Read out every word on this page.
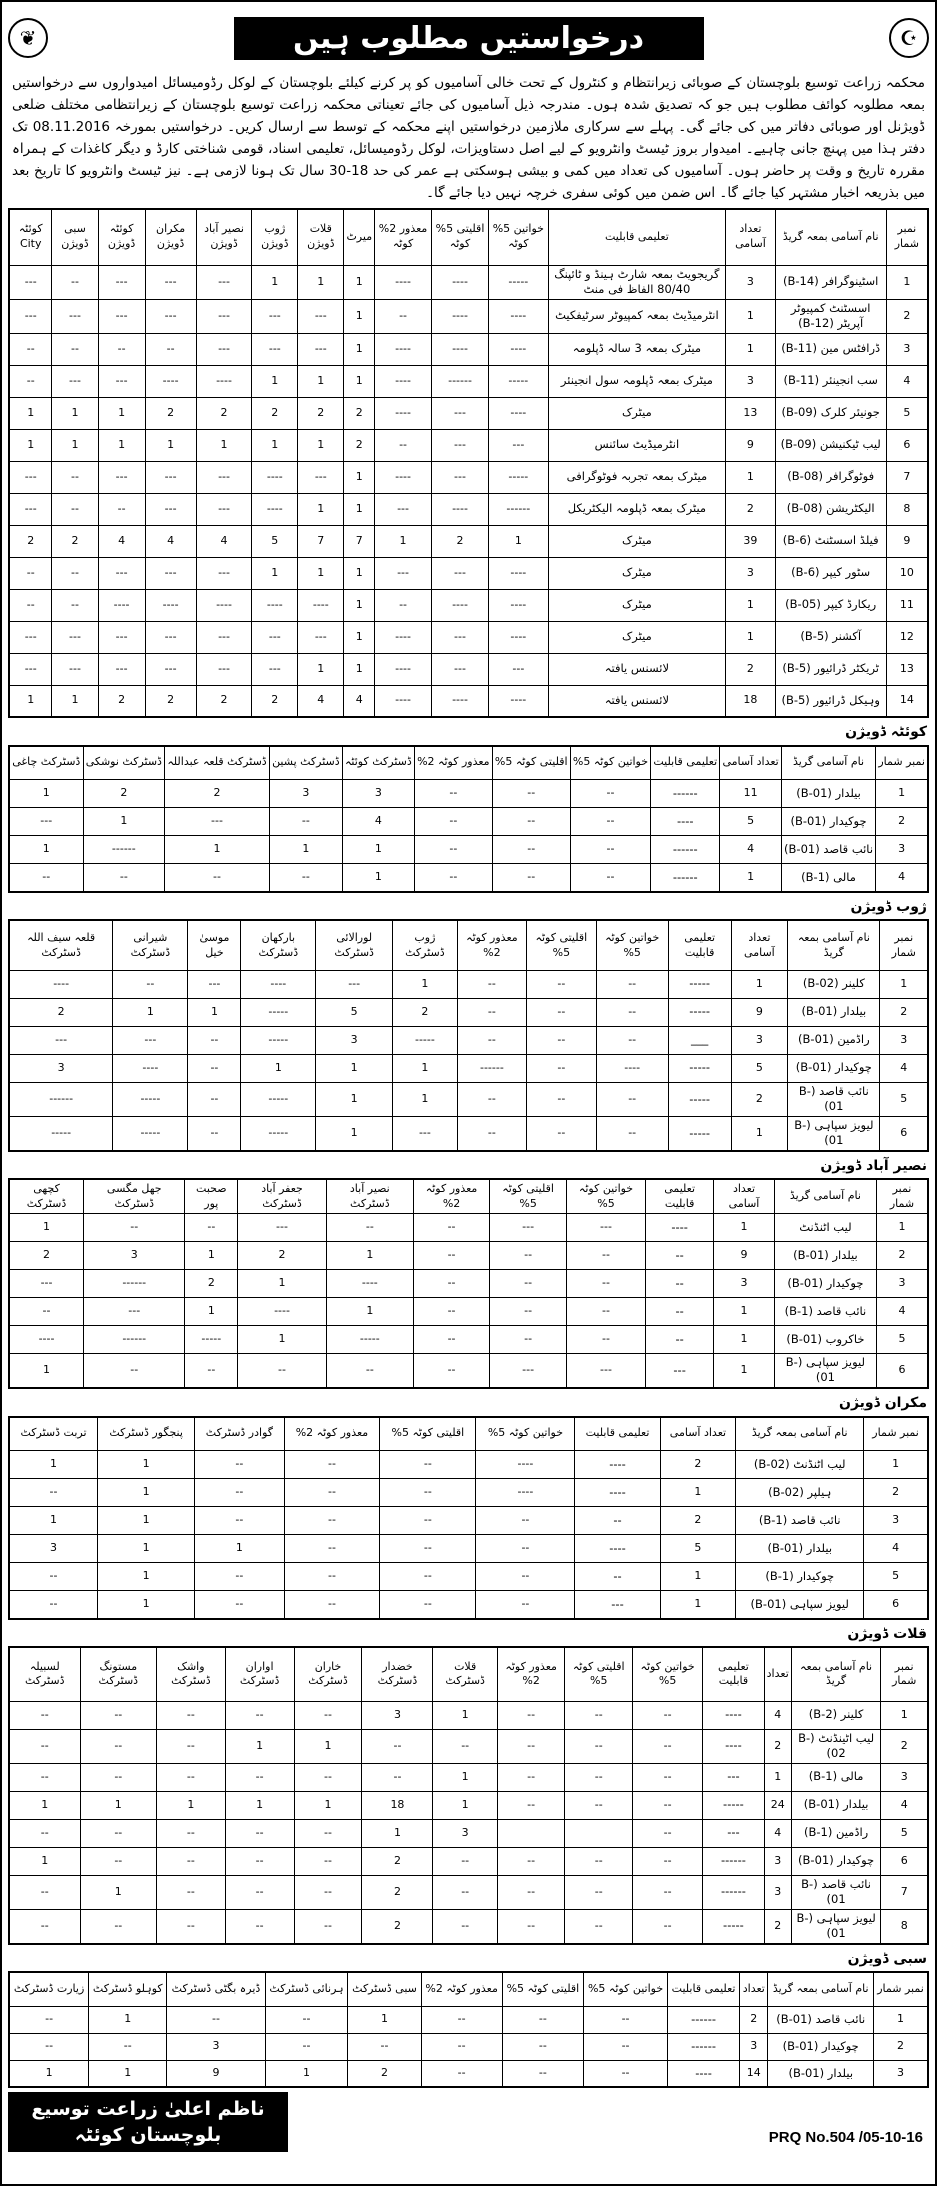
☪
درخواستیں مطلوب ہیں
❦
محکمہ زراعت توسیع بلوچستان کے صوبائی زیرانتظام و کنٹرول کے تحت خالی آسامیوں کو پر کرنے کیلئے بلوچستان کے لوکل رڈومیسائل امیدواروں سے درخواستیں بمعہ مطلوبہ کوائف مطلوب ہیں جو کہ تصدیق شدہ ہوں۔ مندرجہ ذیل آسامیوں کی جائے تعیناتی محکمہ زراعت توسیع بلوچستان کے زیرانتظامی مختلف ضلعی ڈویژنل اور صوبائی دفاتر میں کی جائے گی۔ پہلے سے سرکاری ملازمین درخواستیں اپنے محکمہ کے توسط سے ارسال کریں۔ درخواستیں بمورخہ 08.11.2016 تک دفتر ہذا میں پہنچ جانی چاہیے۔ امیدوار بروز ٹیسٹ وانٹرویو کے لیے اصل دستاویزات، لوکل رڈومیسائل، تعلیمی اسناد، قومی شناختی کارڈ و دیگر کاغذات کے ہمراہ مقررہ تاریخ و وقت پر حاضر ہوں۔ آسامیوں کی تعداد میں کمی و بیشی ہوسکتی ہے عمر کی حد 18-30 سال تک ہونا لازمی ہے۔ نیز ٹیسٹ وانٹرویو کا تاریخ بعد میں بذریعہ اخبار مشتہر کیا جائے گا۔ اس ضمن میں کوئی سفری خرچہ نہیں دیا جائے گا۔
نمبر شمار	نام آسامی بمعہ گریڈ	تعداد آسامی	تعلیمی قابلیت	خواتین 5% کوٹہ	اقلیتی 5% کوٹہ	معذور 2% کوٹہ	میرٹ	قلات ڈویژن	ژوب ڈویژن	نصیر آباد ڈویژن	مکران ڈویژن	کوئٹہ ڈویژن	سبی ڈویژن	کوئٹہ City
1	اسٹینوگرافر (B-14)	3	گریجویٹ بمعہ شارٹ ہینڈ و ٹائپنگ 80/40 الفاظ فی منٹ	-----	----	----	1	1	1	---	---	---	--	---
2	اسسٹنٹ کمپیوٹر آپریٹر (B-12)	1	انٹرمیڈیٹ بمعہ کمپیوٹر سرٹیفکیٹ	----	----	--	1	---	---	---	---	---	---	---
3	ڈرافٹس مین (B-11)	1	میٹرک بمعہ 3 سالہ ڈپلومہ	----	----	----	1	---	---	---	--	--	--	--
4	سب انجینئر (B-11)	3	میٹرک بمعہ ڈپلومہ سول انجینئر	-----	------	----	1	1	1	----	----	---	---	--
5	جونیئر کلرک (B-09)	13	میٹرک	----	---	----	2	2	2	2	2	1	1	1
6	لیب ٹیکنیشن (B-09)	9	انٹرمیڈیٹ سائنس	---	---	--	2	1	1	1	1	1	1	1
7	فوٹوگرافر (B-08)	1	میٹرک بمعہ تجربہ فوٹوگرافی	-----	---	----	1	---	----	---	---	---	--	---
8	الیکٹریشن (B-08)	2	میٹرک بمعہ ڈپلومہ الیکٹریکل	------	----	---	1	1	----	---	---	--	--	---
9	فیلڈ اسسٹنٹ (B-6)	39	میٹرک	1	2	1	7	7	5	4	4	4	2	2
10	سٹور کیپر (B-6)	3	میٹرک	----	---	---	1	1	1	---	---	---	--	--
11	ریکارڈ کیپر (B-05)	1	میٹرک	----	----	--	1	----	----	----	----	----	--	--
12	آکشنر (B-5)	1	میٹرک	----	---	----	1	---	---	---	---	---	---	---
13	ٹریکٹر ڈرائیور (B-5)	2	لائسنس یافتہ	---	---	----	1	1	---	---	---	---	---	---
14	وہیکل ڈرائیور (B-5)	18	لائسنس یافتہ	----	----	----	4	4	2	2	2	2	1	1
کوئٹہ ڈویژن
نمبر شمار	نام آسامی گریڈ	تعداد آسامی	تعلیمی قابلیت	خواتین کوٹہ 5%	اقلیتی کوٹہ 5%	معذور کوٹہ 2%	ڈسٹرکٹ کوئٹہ	ڈسٹرکٹ پشین	ڈسٹرکٹ قلعہ عبداللہ	ڈسٹرکٹ نوشکی	ڈسٹرکٹ چاغی
1	بیلدار (B-01)	11	------	--	--	--	3	3	2	2	1
2	چوکیدار (B-01)	5	----	--	--	--	4	--	---	1	---
3	نائب قاصد (B-01)	4	------	--	--	--	1	1	1	------	1
4	مالی (B-1)	1	------	--	--	--	1	--	--	--	--
ژوب ڈویژن
نمبر شمار	نام آسامی بمعہ گریڈ	تعداد آسامی	تعلیمی قابلیت	خواتین کوٹہ 5%	اقلیتی کوٹہ 5%	معذور کوٹہ 2%	ژوب ڈسٹرکٹ	لورالائی ڈسٹرکٹ	بارکھان ڈسٹرکٹ	موسیٰ خیل	شیرانی ڈسٹرکٹ	قلعہ سیف اللہ ڈسٹرکٹ
1	کلینر (B-02)	1	-----	--	--	--	1	---	----	---	--	----
2	بیلدار (B-01)	9	-----	--	--	--	2	5	-----	1	1	2
3	راڈمین (B-01)	3	___	--	--	--	-----	3	-----	--	---	---
4	چوکیدار (B-01)	5	-----	----	--	------	1	1	1	--	----	3
5	نائب قاصد (B-01)	2	-----	--	--	--	1	1	-----	--	-----	------
6	لیویز سپاہی (B-01)	1	-----	--	--	--	---	1	-----	--	-----	-----
نصیر آباد ڈویژن
نمبر شمار	نام آسامی گریڈ	تعداد آسامی	تعلیمی قابلیت	خواتین کوٹہ 5%	اقلیتی کوٹہ 5%	معذور کوٹہ 2%	نصیر آباد ڈسٹرکٹ	جعفر آباد ڈسٹرکٹ	صحبت پور	جھل مگسی ڈسٹرکٹ	کچھی ڈسٹرکٹ
1	لیب اٹنڈنٹ	1	----	---	---	--	--	---	--	--	1
2	بیلدار (B-01)	9	--	--	--	--	1	2	1	3	2
3	چوکیدار (B-01)	3	--	--	--	--	----	1	2	------	---
4	نائب قاصد (B-1)	1	--	--	--	--	1	----	1	---	--
5	خاکروب (B-01)	1	--	--	--	--	-----	1	-----	------	----
6	لیویز سپاہی (B-01)	1	---	---	---	--	--	--	--	--	1
مکران ڈویژن
نمبر شمار	نام آسامی بمعہ گریڈ	تعداد آسامی	تعلیمی قابلیت	خواتین کوٹہ 5%	اقلیتی کوٹہ 5%	معذور کوٹہ 2%	گوادر ڈسٹرکٹ	پنجگور ڈسٹرکٹ	تربت ڈسٹرکٹ
1	لیب اٹنڈنٹ (B-02)	2	----	----	--	--	--	1	1
2	ہیلپر (B-02)	1	----	----	--	--	--	1	--
3	نائب قاصد (B-1)	2	--	--	--	--	--	1	1
4	بیلدار (B-01)	5	----	--	--	--	1	1	3
5	چوکیدار (B-1)	1	--	--	--	--	--	1	--
6	لیویز سپاہی (B-01)	1	---	--	--	--	--	1	--
قلات ڈویژن
نمبر شمار	نام آسامی بمعہ گریڈ	تعداد	تعلیمی قابلیت	خواتین کوٹہ 5%	اقلیتی کوٹہ 5%	معذور کوٹہ 2%	قلات ڈسٹرکٹ	خضدار ڈسٹرکٹ	خاران ڈسٹرکٹ	اواران ڈسٹرکٹ	واشک ڈسٹرکٹ	مستونگ ڈسٹرکٹ	لسبیلہ ڈسٹرکٹ
1	کلینر (B-2)	4	----	--	--	--	1	3	--	--	--	--	--
2	لیب اٹینڈنٹ (B-02)	2	----	--	--	--	--	--	1	1	--	--	--
3	مالی (B-1)	1	---	--	--	--	1	--	--	--	--	--	--
4	بیلدار (B-01)	24	-----	--	--	--	1	18	1	1	1	1	1
5	راڈمین (B-1)	4	---	--			3	1	--	--	--	--	--
6	چوکیدار (B-01)	3	------	--	--	--	--	2	--	--	--	--	1
7	نائب قاصد (B-01)	3	------	--	--	--	--	2	--	--	--	1	--
8	لیویز سپاہی (B-01)	2	-----	--	--	--	--	2	--	--	--	--	--
سبی ڈویژن
نمبر شمار	نام آسامی بمعہ گریڈ	تعداد	تعلیمی قابلیت	خواتین کوٹہ 5%	اقلیتی کوٹہ 5%	معذور کوٹہ 2%	سبی ڈسٹرکٹ	ہرنائی ڈسٹرکٹ	ڈیرہ بگٹی ڈسٹرکٹ	کوہلو ڈسٹرکٹ	زیارت ڈسٹرکٹ
1	نائب قاصد (B-01)	2	------	--	--	--	1	--	--	1	--
2	چوکیدار (B-01)	3	------	--	--	--	--	--	3	--	--
3	بیلدار (B-01)	14	----	--	--	--	2	1	9	1	1
ناظم اعلیٰ زراعت توسیع
بلوچستان کوئٹہ	PRQ No.504 /05-10-16
